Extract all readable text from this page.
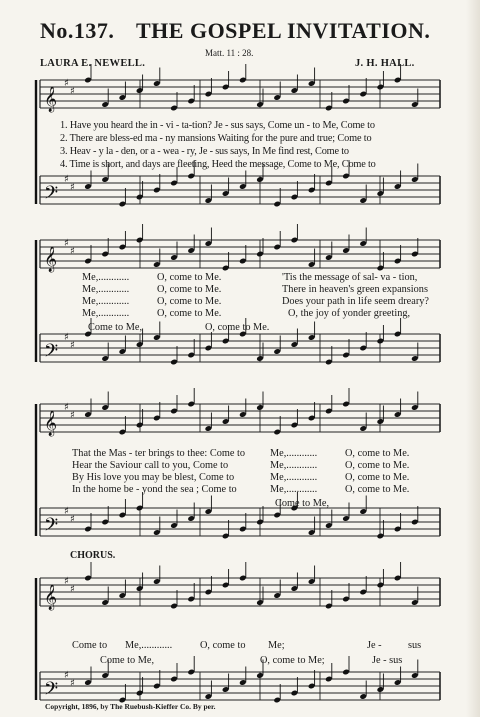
No.137. THE GOSPEL INVITATION.
Matt. 11 : 28.
LAURA E. NEWELL.	J. H. HALL.
𝄞
♯
♯
𝄢
♯
♯
𝄞
♯
♯
𝄢
♯
♯
𝄞
♯
♯
𝄢
♯
♯
𝄞
♯
♯
𝄢
♯
♯
1. Have you heard the in - vi - ta-tion? Je - sus says, Come un - to Me, Come to
2. There are bless-ed ma - ny mansions Waiting for the pure and true; Come to
3. Heav - y la - den, or a - wea - ry, Je - sus says, In Me find rest, Come to
4. Time is short, and days are fleeting, Heed the message, Come to Me, Come to
Me,............	O, come to Me.	'Tis the message of sal- va - tion,
Me,............	O, come to Me.	There in heaven's green expansions
Me,............	O, come to Me.	Does your path in life seem dreary?
Me,............	O, come to Me.	O, the joy of yonder greeting,
Come to Me,	O, come to Me.
That the Mas - ter brings to thee: Come to Me,............	O, come to Me.
Hear the Saviour call to you, Come to	Me,............	O, come to Me.
By His love you may be blest, Come to	Me,............	O, come to Me.
In the home be - yond the sea ; Come to	Me,............	O, come to Me.
Come to Me,
CHORUS.
Come to Me,............	O, come to Me;	Je -	sus
Come to Me,	O, come to Me;	Je - sus
Copyright, 1896, by The Ruebush-Kieffer Co. By per.
